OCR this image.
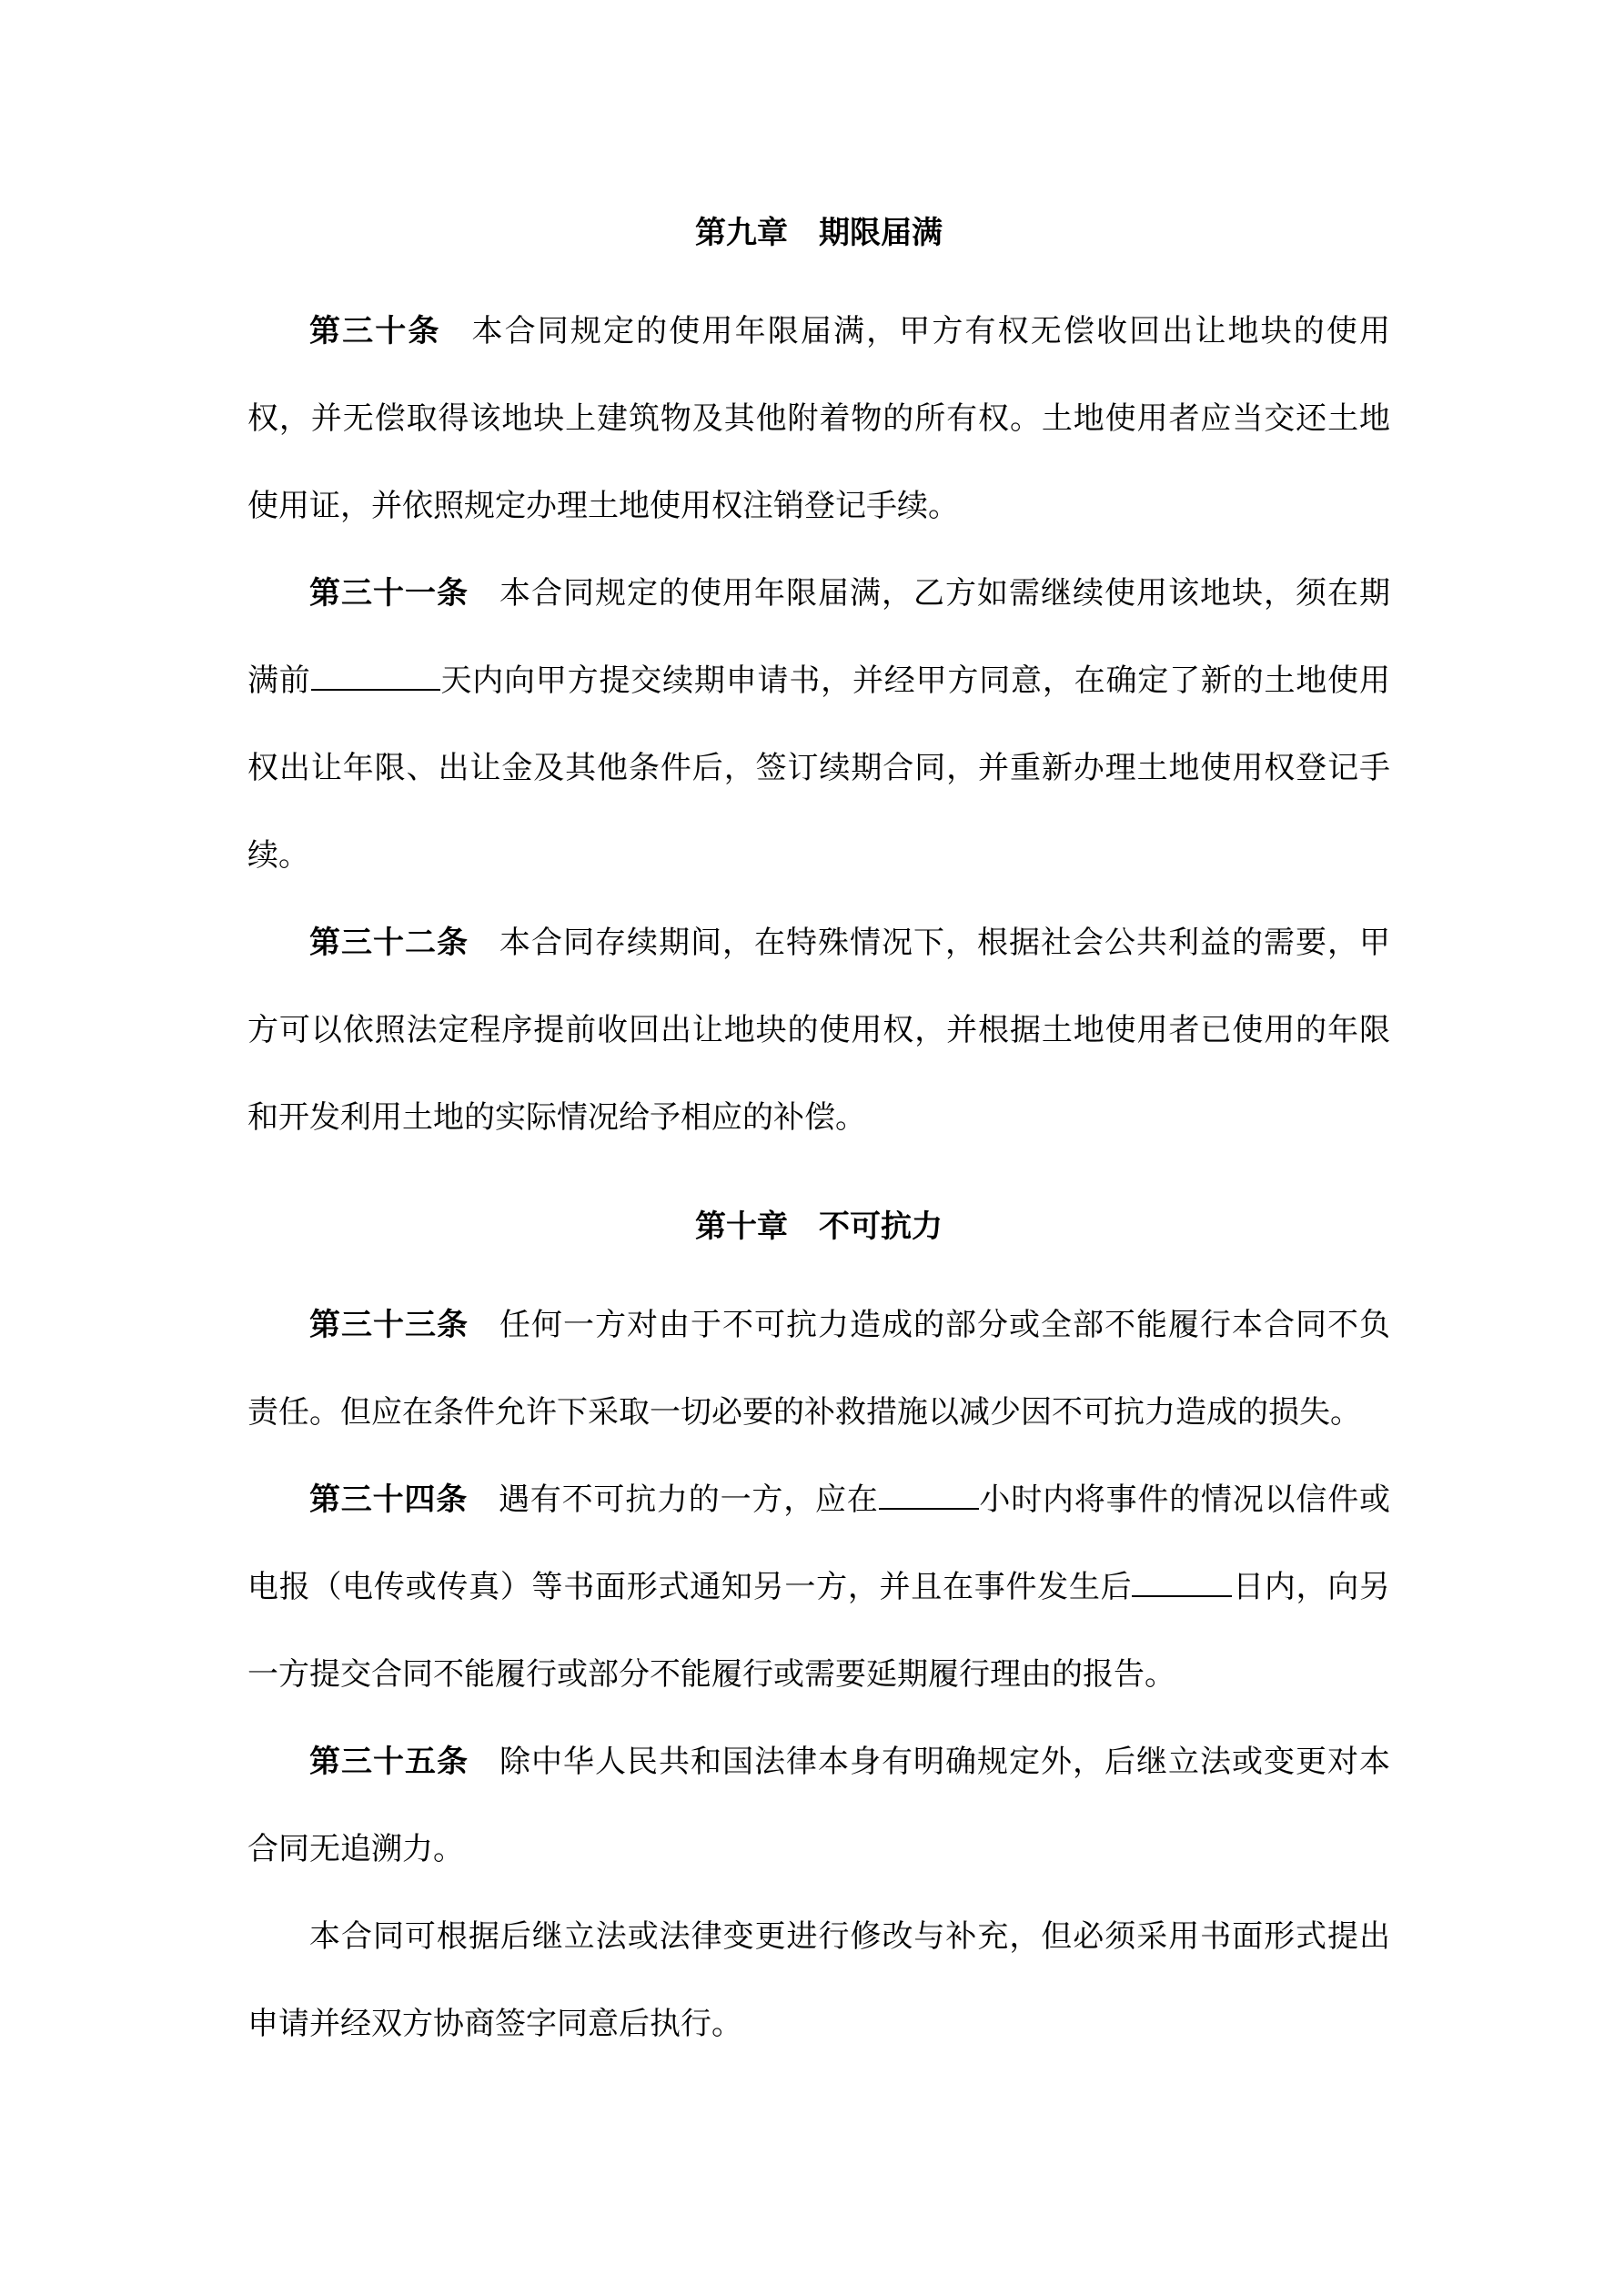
第九章　期限届满

第三十条 本合同规定的使用年限届满，甲方有权无偿收回出让地块的使用权，并无偿取得该地块上建筑物及其他附着物的所有权。土地使用者应当交还土地使用证，并依照规定办理土地使用权注销登记手续。

第三十一条 本合同规定的使用年限届满，乙方如需继续使用该地块，须在期满前	天内向甲方提交续期申请书，并经甲方同意，在确定了新的土地使用权出让年限、出让金及其他条件后，签订续期合同，并重新办理土地使用权登记手续。

第三十二条 本合同存续期间，在特殊情况下，根据社会公共利益的需要，甲方可以依照法定程序提前收回出让地块的使用权，并根据土地使用者已使用的年限和开发利用土地的实际情况给予相应的补偿。

第十章　不可抗力

第三十三条 任何一方对由于不可抗力造成的部分或全部不能履行本合同不负责任。但应在条件允许下采取一切必要的补救措施以减少因不可抗力造成的损失。

第三十四条 遇有不可抗力的一方，应在	小时内将事件的情况以信件或电报（电传或传真）等书面形式通知另一方，并且在事件发生后	日内，向另一方提交合同不能履行或部分不能履行或需要延期履行理由的报告。

第三十五条 除中华人民共和国法律本身有明确规定外，后继立法或变更对本合同无追溯力。

本合同可根据后继立法或法律变更进行修改与补充，但必须采用书面形式提出申请并经双方协商签字同意后执行。
